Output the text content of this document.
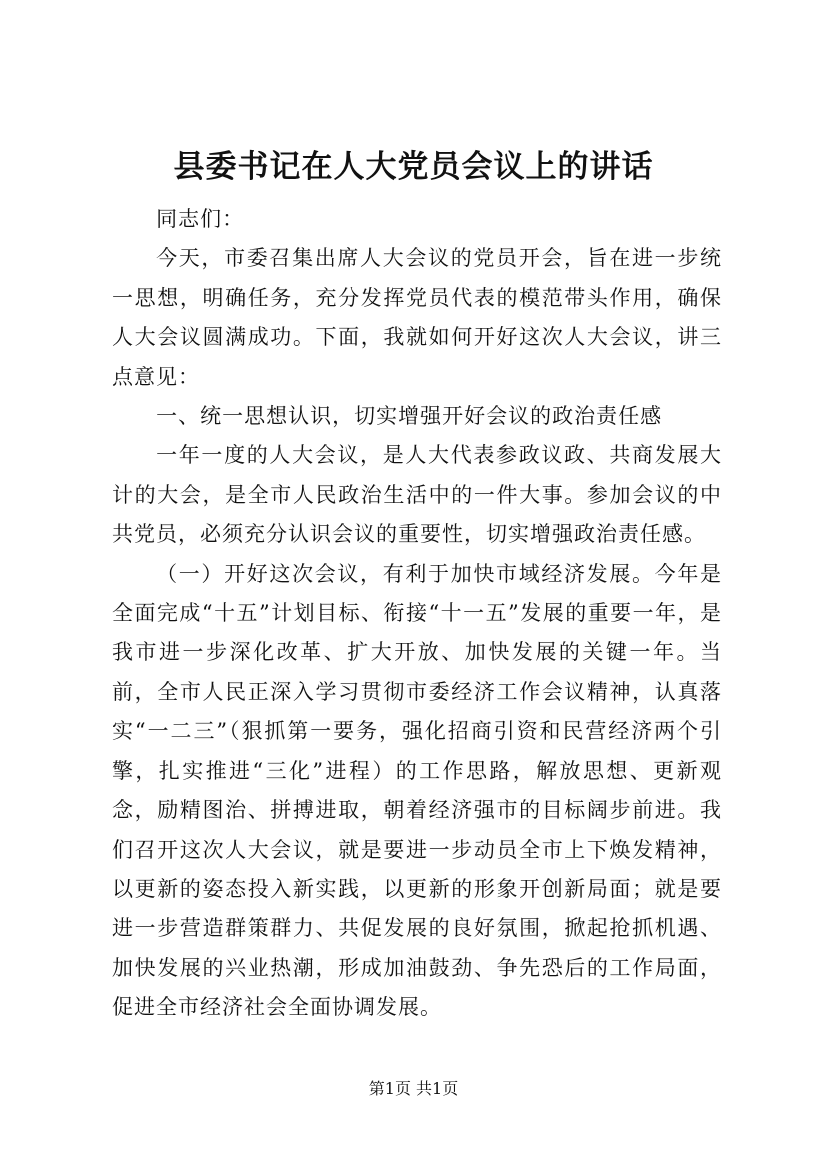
县委书记在人大党员会议上的讲话

同志们：

今天，市委召集出席人大会议的党员开会，旨在进一步统一思想，明确任务，充分发挥党员代表的模范带头作用，确保人大会议圆满成功。下面，我就如何开好这次人大会议，讲三点意见：

一、统一思想认识，切实增强开好会议的政治责任感

一年一度的人大会议，是人大代表参政议政、共商发展大计的大会，是全市人民政治生活中的一件大事。参加会议的中共党员，必须充分认识会议的重要性，切实增强政治责任感。

（一）开好这次会议，有利于加快市域经济发展。今年是全面完成“十五”计划目标、衔接“十一五”发展的重要一年，是我市进一步深化改革、扩大开放、加快发展的关键一年。当前，全市人民正深入学习贯彻市委经济工作会议精神，认真落实“一二三”（狠抓第一要务，强化招商引资和民营经济两个引擎，扎实推进“三化”进程）的工作思路，解放思想、更新观念，励精图治、拼搏进取，朝着经济强市的目标阔步前进。我们召开这次人大会议，就是要进一步动员全市上下焕发精神，以更新的姿态投入新实践，以更新的形象开创新局面；就是要进一步营造群策群力、共促发展的良好氛围，掀起抢抓机遇、加快发展的兴业热潮，形成加油鼓劲、争先恐后的工作局面，促进全市经济社会全面协调发展。

第1页 共1页
